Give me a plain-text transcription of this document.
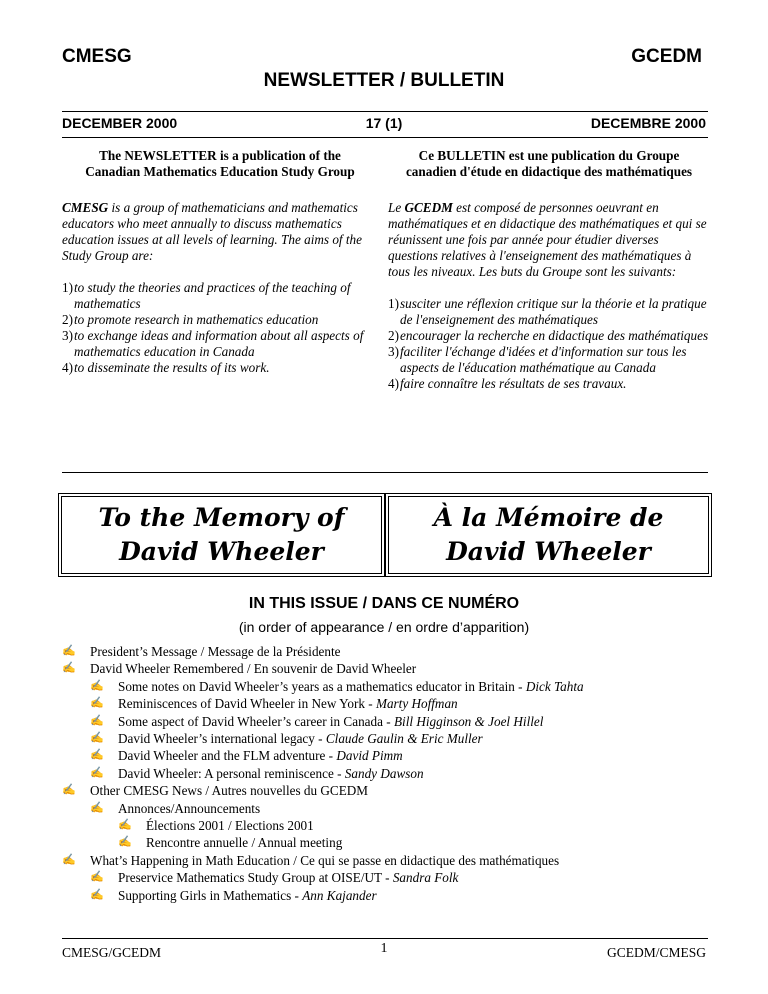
CMESG	GCEDM
NEWSLETTER / BULLETIN
DECEMBER 2000	17 (1)	DECEMBRE 2000
The NEWSLETTER is a publication of the
Canadian Mathematics Education Study Group

CMESG is a group of mathematicians and mathematics educators who meet annually to discuss mathematics education issues at all levels of learning. The aims of the Study Group are:

1) to study the theories and practices of the teaching of mathematics
2) to promote research in mathematics education
3) to exchange ideas and information about all aspects of mathematics education in Canada
4) to disseminate the results of its work.
Ce BULLETIN est une publication du Groupe
canadien d'étude en didactique des mathématiques

Le GCEDM est composé de personnes oeuvrant en mathématiques et en didactique des mathématiques et qui se réunissent une fois par année pour étudier diverses questions relatives à l'enseignement des mathématiques à tous les niveaux. Les buts du Groupe sont les suivants:

1) susciter une réflexion critique sur la théorie et la pratique de l'enseignement des mathématiques
2) encourager la recherche en didactique des mathématiques
3) faciliter l'échange d'idées et d'information sur tous les aspects de l'éducation mathématique au Canada
4) faire connaître les résultats de ses travaux.
To the Memory of
David Wheeler
À la Mémoire de
David Wheeler
IN THIS ISSUE / DANS CE NUMÉRO
(in order of appearance / en ordre d’apparition)
✍ President’s Message / Message de la Présidente
✍ David Wheeler Remembered / En souvenir de David Wheeler
✍ Some notes on David Wheeler’s years as a mathematics educator in Britain - Dick Tahta
✍ Reminiscences of David Wheeler in New York - Marty Hoffman
✍ Some aspect of David Wheeler’s career in Canada - Bill Higginson & Joel Hillel
✍ David Wheeler’s international legacy - Claude Gaulin & Eric Muller
✍ David Wheeler and the FLM adventure - David Pimm
✍ David Wheeler: A personal reminiscence - Sandy Dawson
✍ Other CMESG News / Autres nouvelles du GCEDM
✍ Annonces/Announcements
✍ Élections 2001 / Elections 2001
✍ Rencontre annuelle / Annual meeting
✍ What’s Happening in Math Education / Ce qui se passe en didactique des mathématiques
✍ Preservice Mathematics Study Group at OISE/UT - Sandra Folk
✍ Supporting Girls in Mathematics - Ann Kajander
CMESG/GCEDM	1	GCEDM/CMESG
